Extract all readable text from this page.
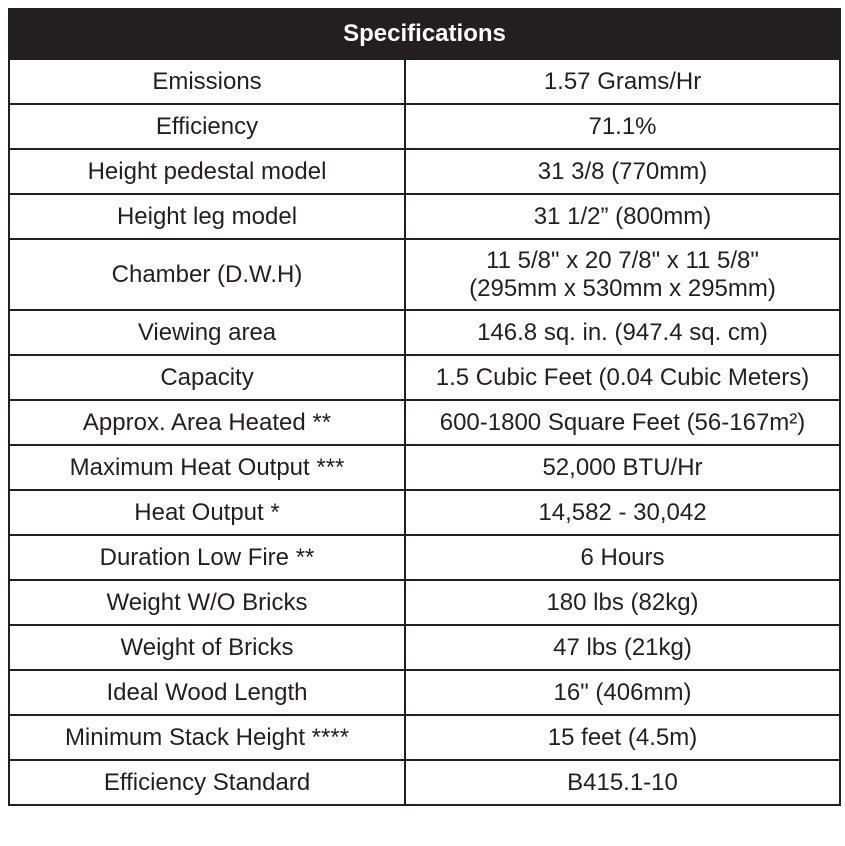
Specifications	
Emissions	1.57 Grams/Hr

Efficiency	71.1%

Height pedestal model	31 3/8 (770mm)

Height leg model	31 1/2” (800mm)

Chamber (D.W.H)	11 5/8" x 20 7/8" x 11 5/8"
(295mm x 530mm x 295mm)

Viewing area	146.8 sq. in. (947.4 sq. cm)

Capacity	1.5 Cubic Feet (0.04 Cubic Meters)

Approx. Area Heated **	600-1800 Square Feet (56-167m²)

Maximum Heat Output ***	52,000 BTU/Hr

Heat Output *	14,582 - 30,042

Duration Low Fire **	6 Hours

Weight W/O Bricks	180 lbs (82kg)

Weight of Bricks	47 lbs (21kg)

Ideal Wood Length	16" (406mm)

Minimum Stack Height ****	15 feet (4.5m)

Efficiency Standard	B415.1-10
